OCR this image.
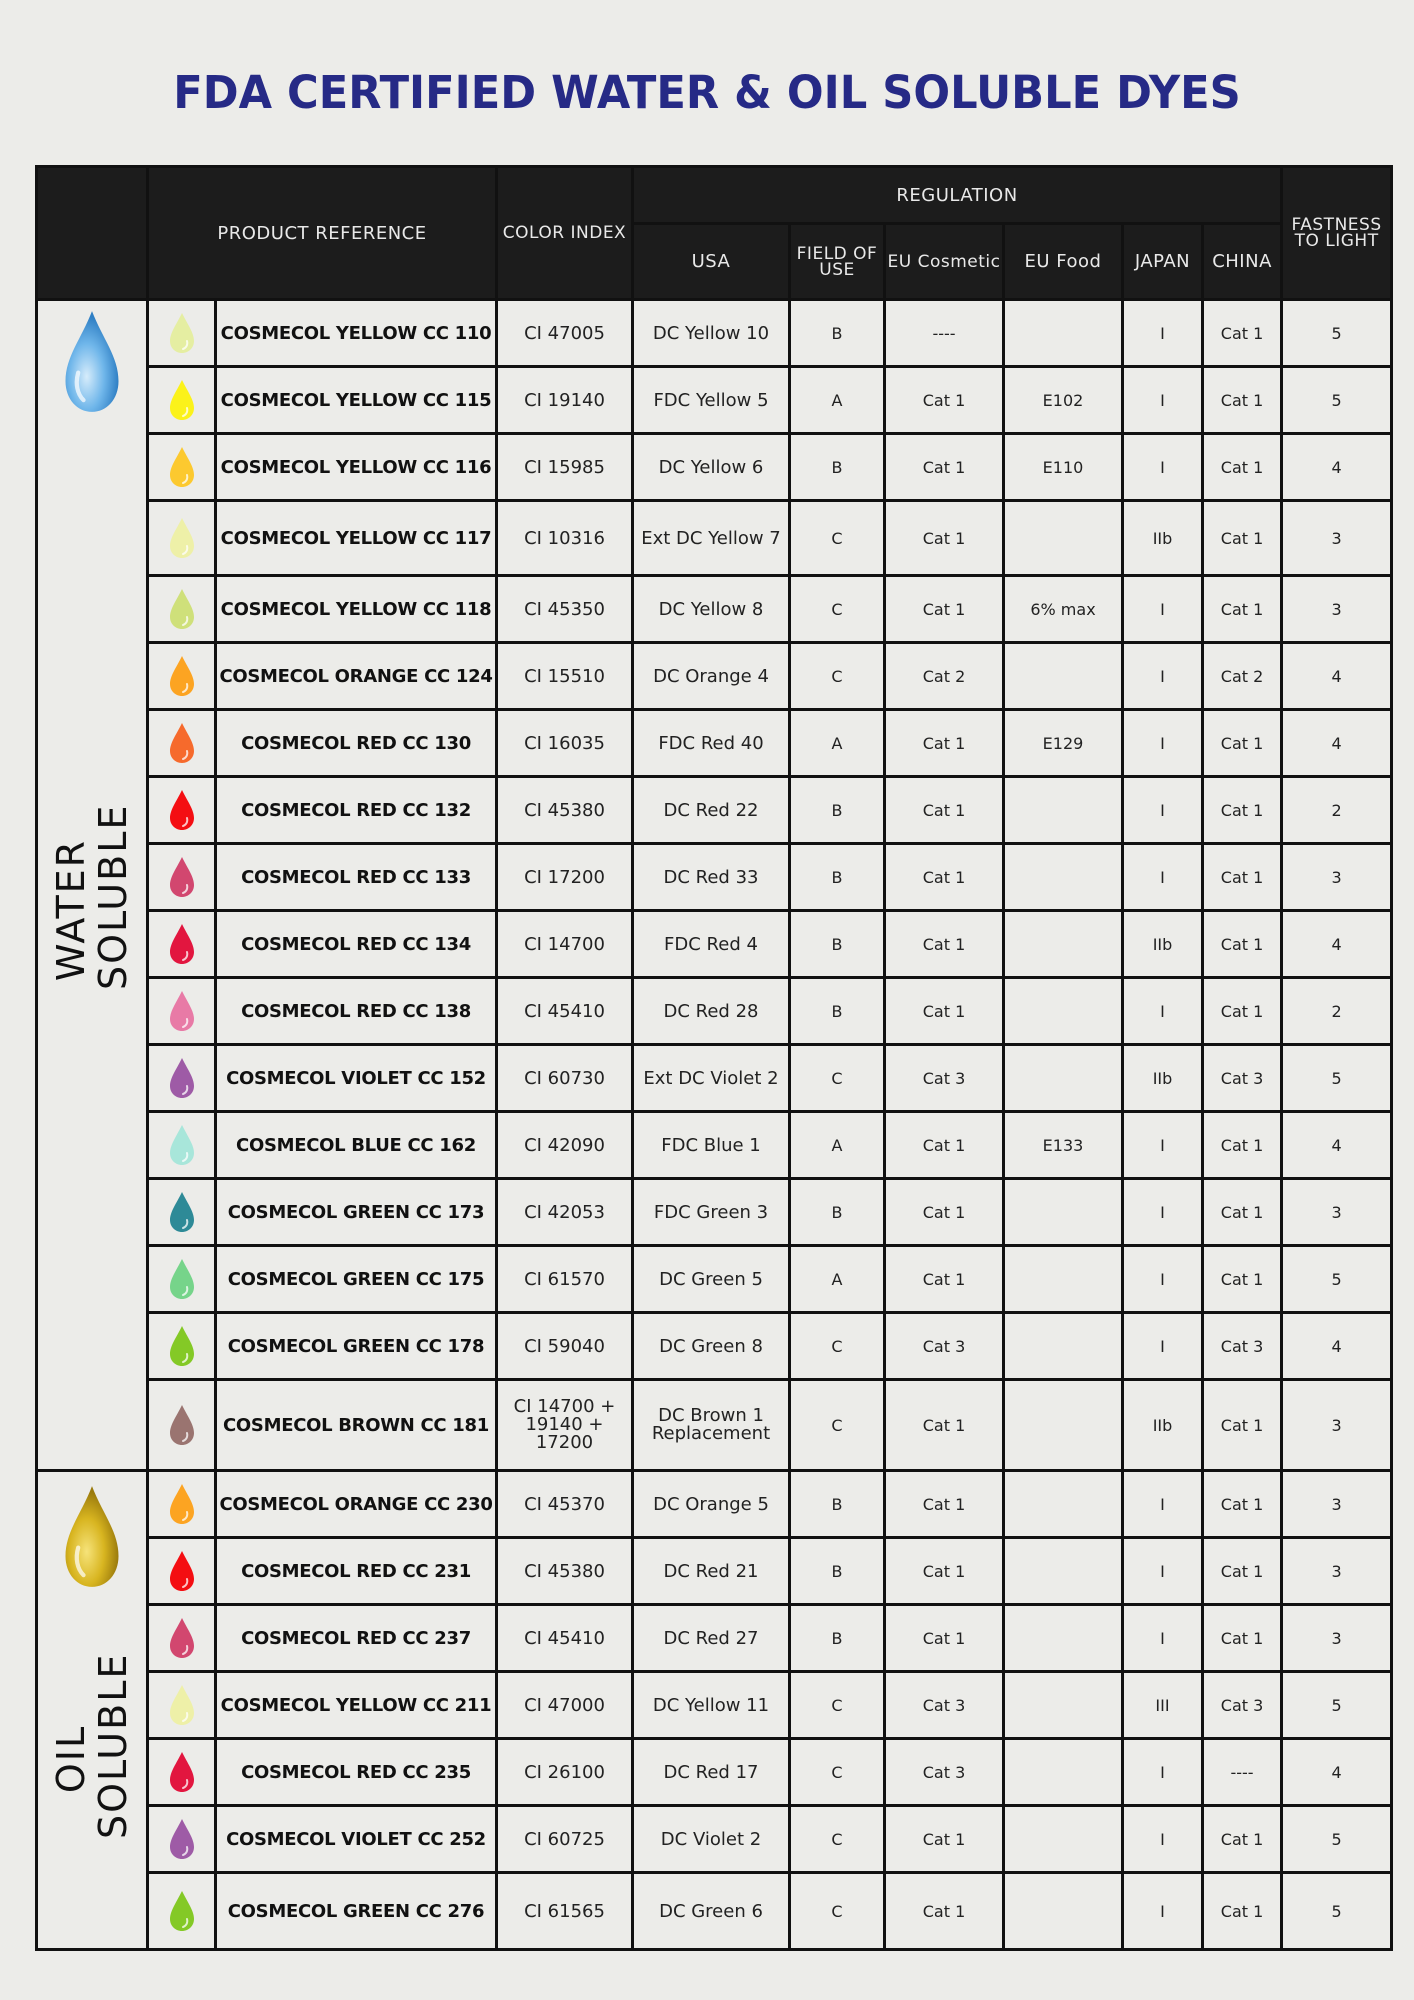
FDA CERTIFIED WATER & OIL SOLUBLE DYES
	PRODUCT REFERENCE		COLOR INDEX	REGULATION						FASTNESS TO LIGHT
				USA	FIELD OF USE	EU Cosmetic	EU Food	JAPAN	CHINA	

WATER SOLUBLE		COSMECOL YELLOW CC 110	CI 47005	DC Yellow 10	B	----		I	Cat 1	5

	COSMECOL YELLOW CC 115	CI 19140	FDC Yellow 5	A	Cat 1	E102	I	Cat 1	5

	COSMECOL YELLOW CC 116	CI 15985	DC Yellow 6	B	Cat 1	E110	I	Cat 1	4

	COSMECOL YELLOW CC 117	CI 10316	Ext DC Yellow 7	C	Cat 1		IIb	Cat 1	3

	COSMECOL YELLOW CC 118	CI 45350	DC Yellow 8	C	Cat 1	6% max	I	Cat 1	3

	COSMECOL ORANGE CC 124	CI 15510	DC Orange 4	C	Cat 2		I	Cat 2	4

	COSMECOL RED CC 130	CI 16035	FDC Red 40	A	Cat 1	E129	I	Cat 1	4

	COSMECOL RED CC 132	CI 45380	DC Red 22	B	Cat 1		I	Cat 1	2

	COSMECOL RED CC 133	CI 17200	DC Red 33	B	Cat 1		I	Cat 1	3

	COSMECOL RED CC 134	CI 14700	FDC Red 4	B	Cat 1		IIb	Cat 1	4

	COSMECOL RED CC 138	CI 45410	DC Red 28	B	Cat 1		I	Cat 1	2

	COSMECOL VIOLET CC 152	CI 60730	Ext DC Violet 2	C	Cat 3		IIb	Cat 3	5

	COSMECOL BLUE CC 162	CI 42090	FDC Blue 1	A	Cat 1	E133	I	Cat 1	4

	COSMECOL GREEN CC 173	CI 42053	FDC Green 3	B	Cat 1		I	Cat 1	3

	COSMECOL GREEN CC 175	CI 61570	DC Green 5	A	Cat 1		I	Cat 1	5

	COSMECOL GREEN CC 178	CI 59040	DC Green 8	C	Cat 3		I	Cat 3	4

	COSMECOL BROWN CC 181	CI 14700 + 19140 + 17200	DC Brown 1 Replacement	C	Cat 1		IIb	Cat 1	3

OIL SOLUBLE		COSMECOL ORANGE CC 230	CI 45370	DC Orange 5	B	Cat 1		I	Cat 1	3

	COSMECOL RED CC 231	CI 45380	DC Red 21	B	Cat 1		I	Cat 1	3

	COSMECOL RED CC 237	CI 45410	DC Red 27	B	Cat 1		I	Cat 1	3

	COSMECOL YELLOW CC 211	CI 47000	DC Yellow 11	C	Cat 3		III	Cat 3	5

	COSMECOL RED CC 235	CI 26100	DC Red 17	C	Cat 3		I	----	4

	COSMECOL VIOLET CC 252	CI 60725	DC Violet 2	C	Cat 1		I	Cat 1	5

	COSMECOL GREEN CC 276	CI 61565	DC Green 6	C	Cat 1		I	Cat 1	5
